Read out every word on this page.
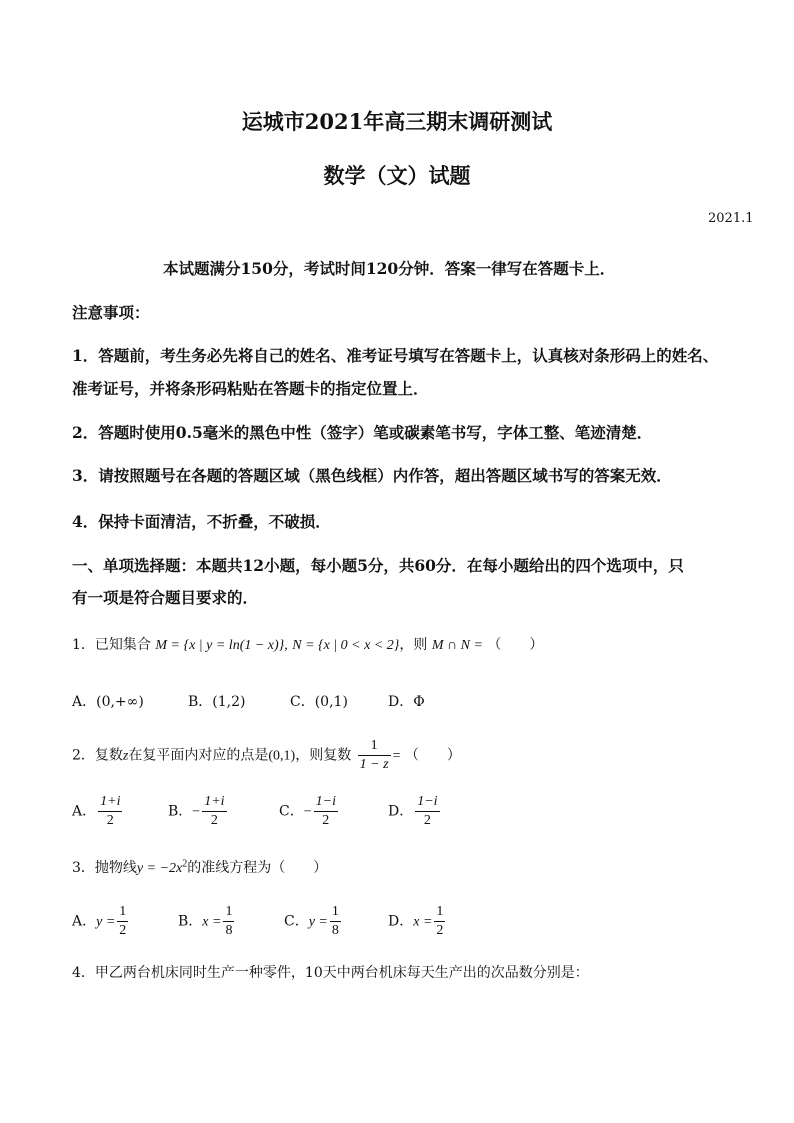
运城市2021年高三期末调研测试
数学（文）试题
2021.1
本试题满分150分，考试时间120分钟．答案一律写在答题卡上．
注意事项：
1．答题前，考生务必先将自己的姓名、准考证号填写在答题卡上，认真核对条形码上的姓名、
准考证号，并将条形码粘贴在答题卡的指定位置上．
2．答题时使用0.5毫米的黑色中性（签字）笔或碳素笔书写，字体工整、笔迹清楚．
3．请按照题号在各题的答题区域（黑色线框）内作答，超出答题区域书写的答案无效．
4．保持卡面清洁，不折叠，不破损．
一、单项选择题：本题共12小题，每小题5分，共60分．在每小题给出的四个选项中，只
有一项是符合题目要求的．
1．已知集合 M = {x | y = ln(1 − x)}, N = {x | 0 < x < 2}，则 M ∩ N = （　　）
A．(0,+∞)	B．(1,2)	C．(0,1)	D．Φ
2．复数z在复平面内对应的点是(0,1)，则复数 $\frac{1}{1 - z}$ = （　　）
A． $\frac{1+i}{2}$	B．− $\frac{1+i}{2}$	C．− $\frac{1-i}{2}$	D． $\frac{1-i}{2}$
3．抛物线$y = -2x^2$的准线方程为（　　）
A．$y = \frac{1}{2}$	B．$x = \frac{1}{8}$	C．$y = \frac{1}{8}$	D．$x = \frac{1}{2}$
4．甲乙两台机床同时生产一种零件，10天中两台机床每天生产出的次品数分别是：
